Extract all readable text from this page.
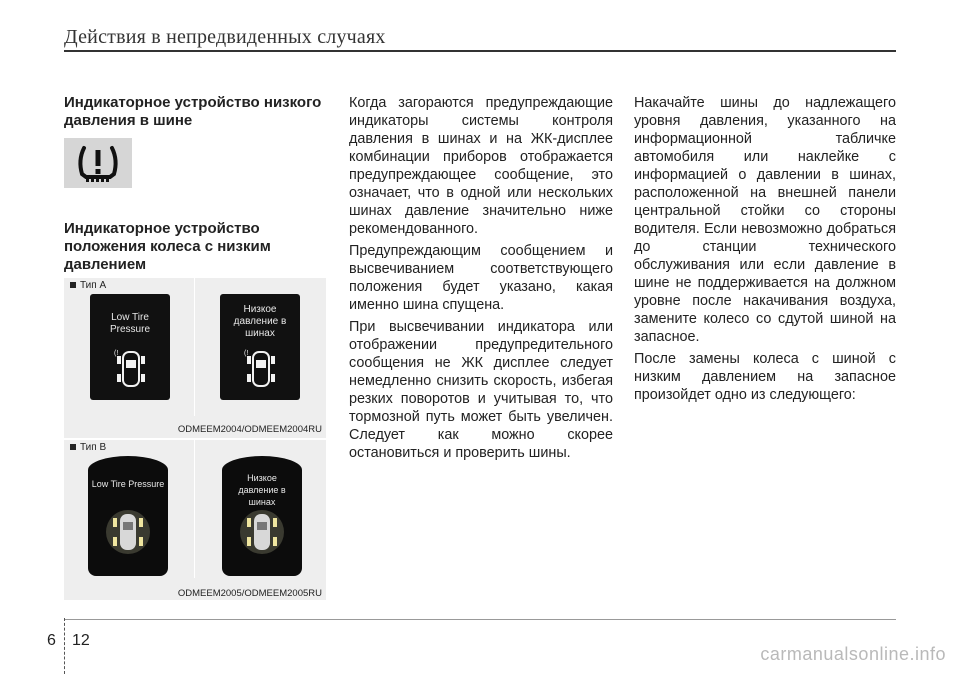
Действия в непредвиденных случаях
Индикаторное устройство низкого давления в шине
Индикаторное устройство положения колеса с низким давлением
Тип A
Low Tire Pressure
(!
Низкое давление в шинах
(!
ODMEEM2004/ODMEEM2004RU
Тип B
Low Tire Pressure
Низкое давление в шинах
ODMEEM2005/ODMEEM2005RU

Когда загораются предупреждающие индикаторы системы контроля давления в шинах и на ЖК-дисплее комбинации приборов отображается предупреждающее сообщение, это означает, что в одной или нескольких шинах давление значительно ниже рекомендованного.

Предупреждающим сообщением и высвечиванием соответствующего положения будет указано, какая именно шина спущена.

При высвечивании индикатора или отображении предупредительного сообщения не ЖК дисплее следует немедленно снизить скорость, избегая резких поворотов и учитывая то, что тормозной путь может быть увеличен. Следует как можно скорее остановиться и проверить шины.

Накачайте шины до надлежащего уровня давления, указанного на информационной табличке автомобиля или наклейке с информацией о давлении в шинах, расположенной на внешней панели центральной стойки со стороны водителя. Если невозможно добраться до станции технического обслуживания или если давление в шине не поддерживается на должном уровне после накачивания воздуха, замените колесо со сдутой шиной на запасное.

После замены колеса с шиной с низким давлением на запасное произойдет одно из следующего:

6 12
carmanualsonline.info
